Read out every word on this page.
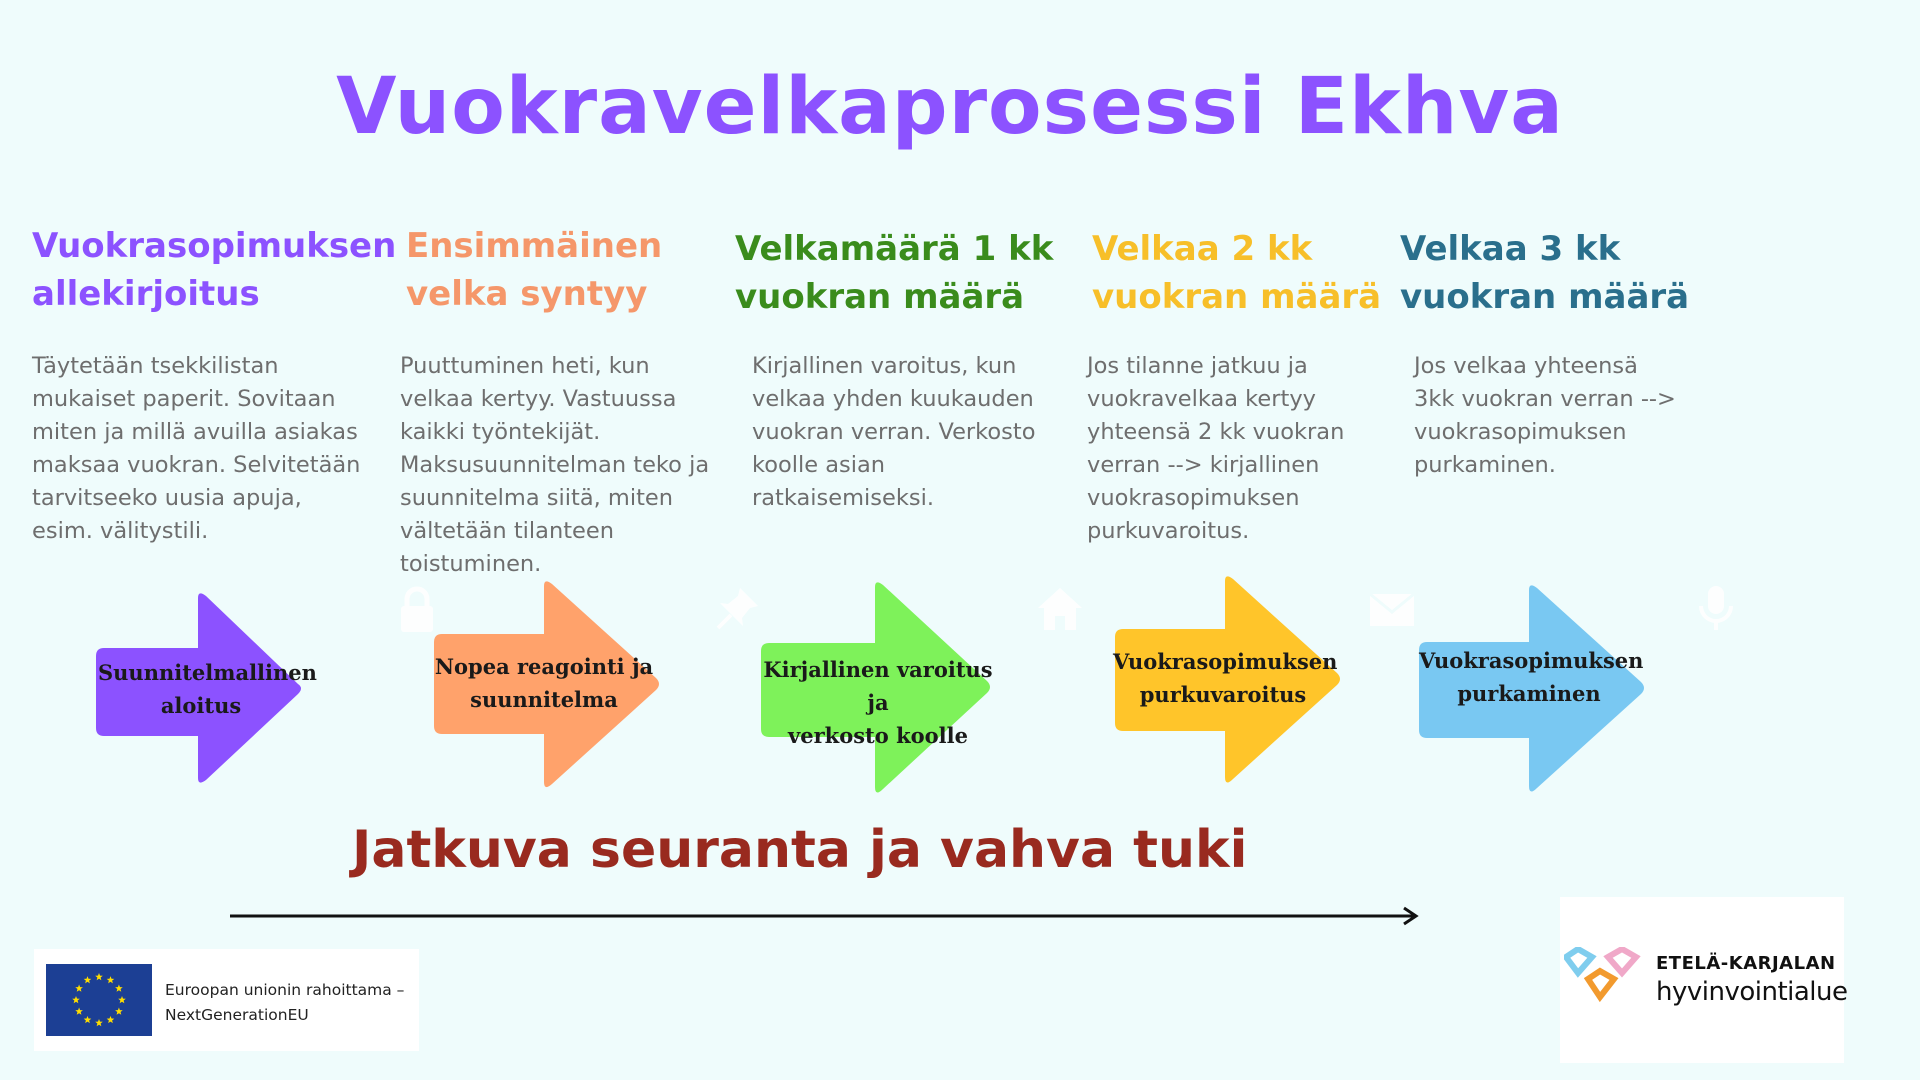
Vuokravelkaprosessi Ekhva
Vuokrasopimuksen
allekirjoitus
Ensimmäinen
velka syntyy
Velkamäärä 1 kk
vuokran määrä
Velkaa 2 kk
vuokran määrä
Velkaa 3 kk
vuokran määrä
Täytetään tsekkilistan mukaiset paperit. Sovitaan miten ja millä avuilla asiakas maksaa vuokran. Selvitetään tarvitseeko uusia apuja, esim. välitystili.
Puuttuminen heti, kun velkaa kertyy. Vastuussa kaikki työntekijät. Maksusuunnitelman teko ja suunnitelma siitä, miten vältetään tilanteen toistuminen.
Kirjallinen varoitus, kun velkaa yhden kuukauden vuokran verran. Verkosto koolle asian ratkaisemiseksi.
Jos tilanne jatkuu ja vuokravelkaa kertyy yhteensä 2 kk vuokran verran --> kirjallinen vuokrasopimuksen purkuvaroitus.
Jos velkaa yhteensä 3kk vuokran verran --> vuokrasopimuksen purkaminen.
Suunnitelmallinen
aloitus
Nopea reagointi ja
suunnitelma
Kirjallinen varoitus ja
verkosto koolle
Vuokrasopimuksen
purkuvaroitus
Vuokrasopimuksen
purkaminen
Jatkuva seuranta ja vahva tuki
Euroopan unionin rahoittama –
NextGenerationEU
ETELÄ-KARJALAN
hyvinvointialue
